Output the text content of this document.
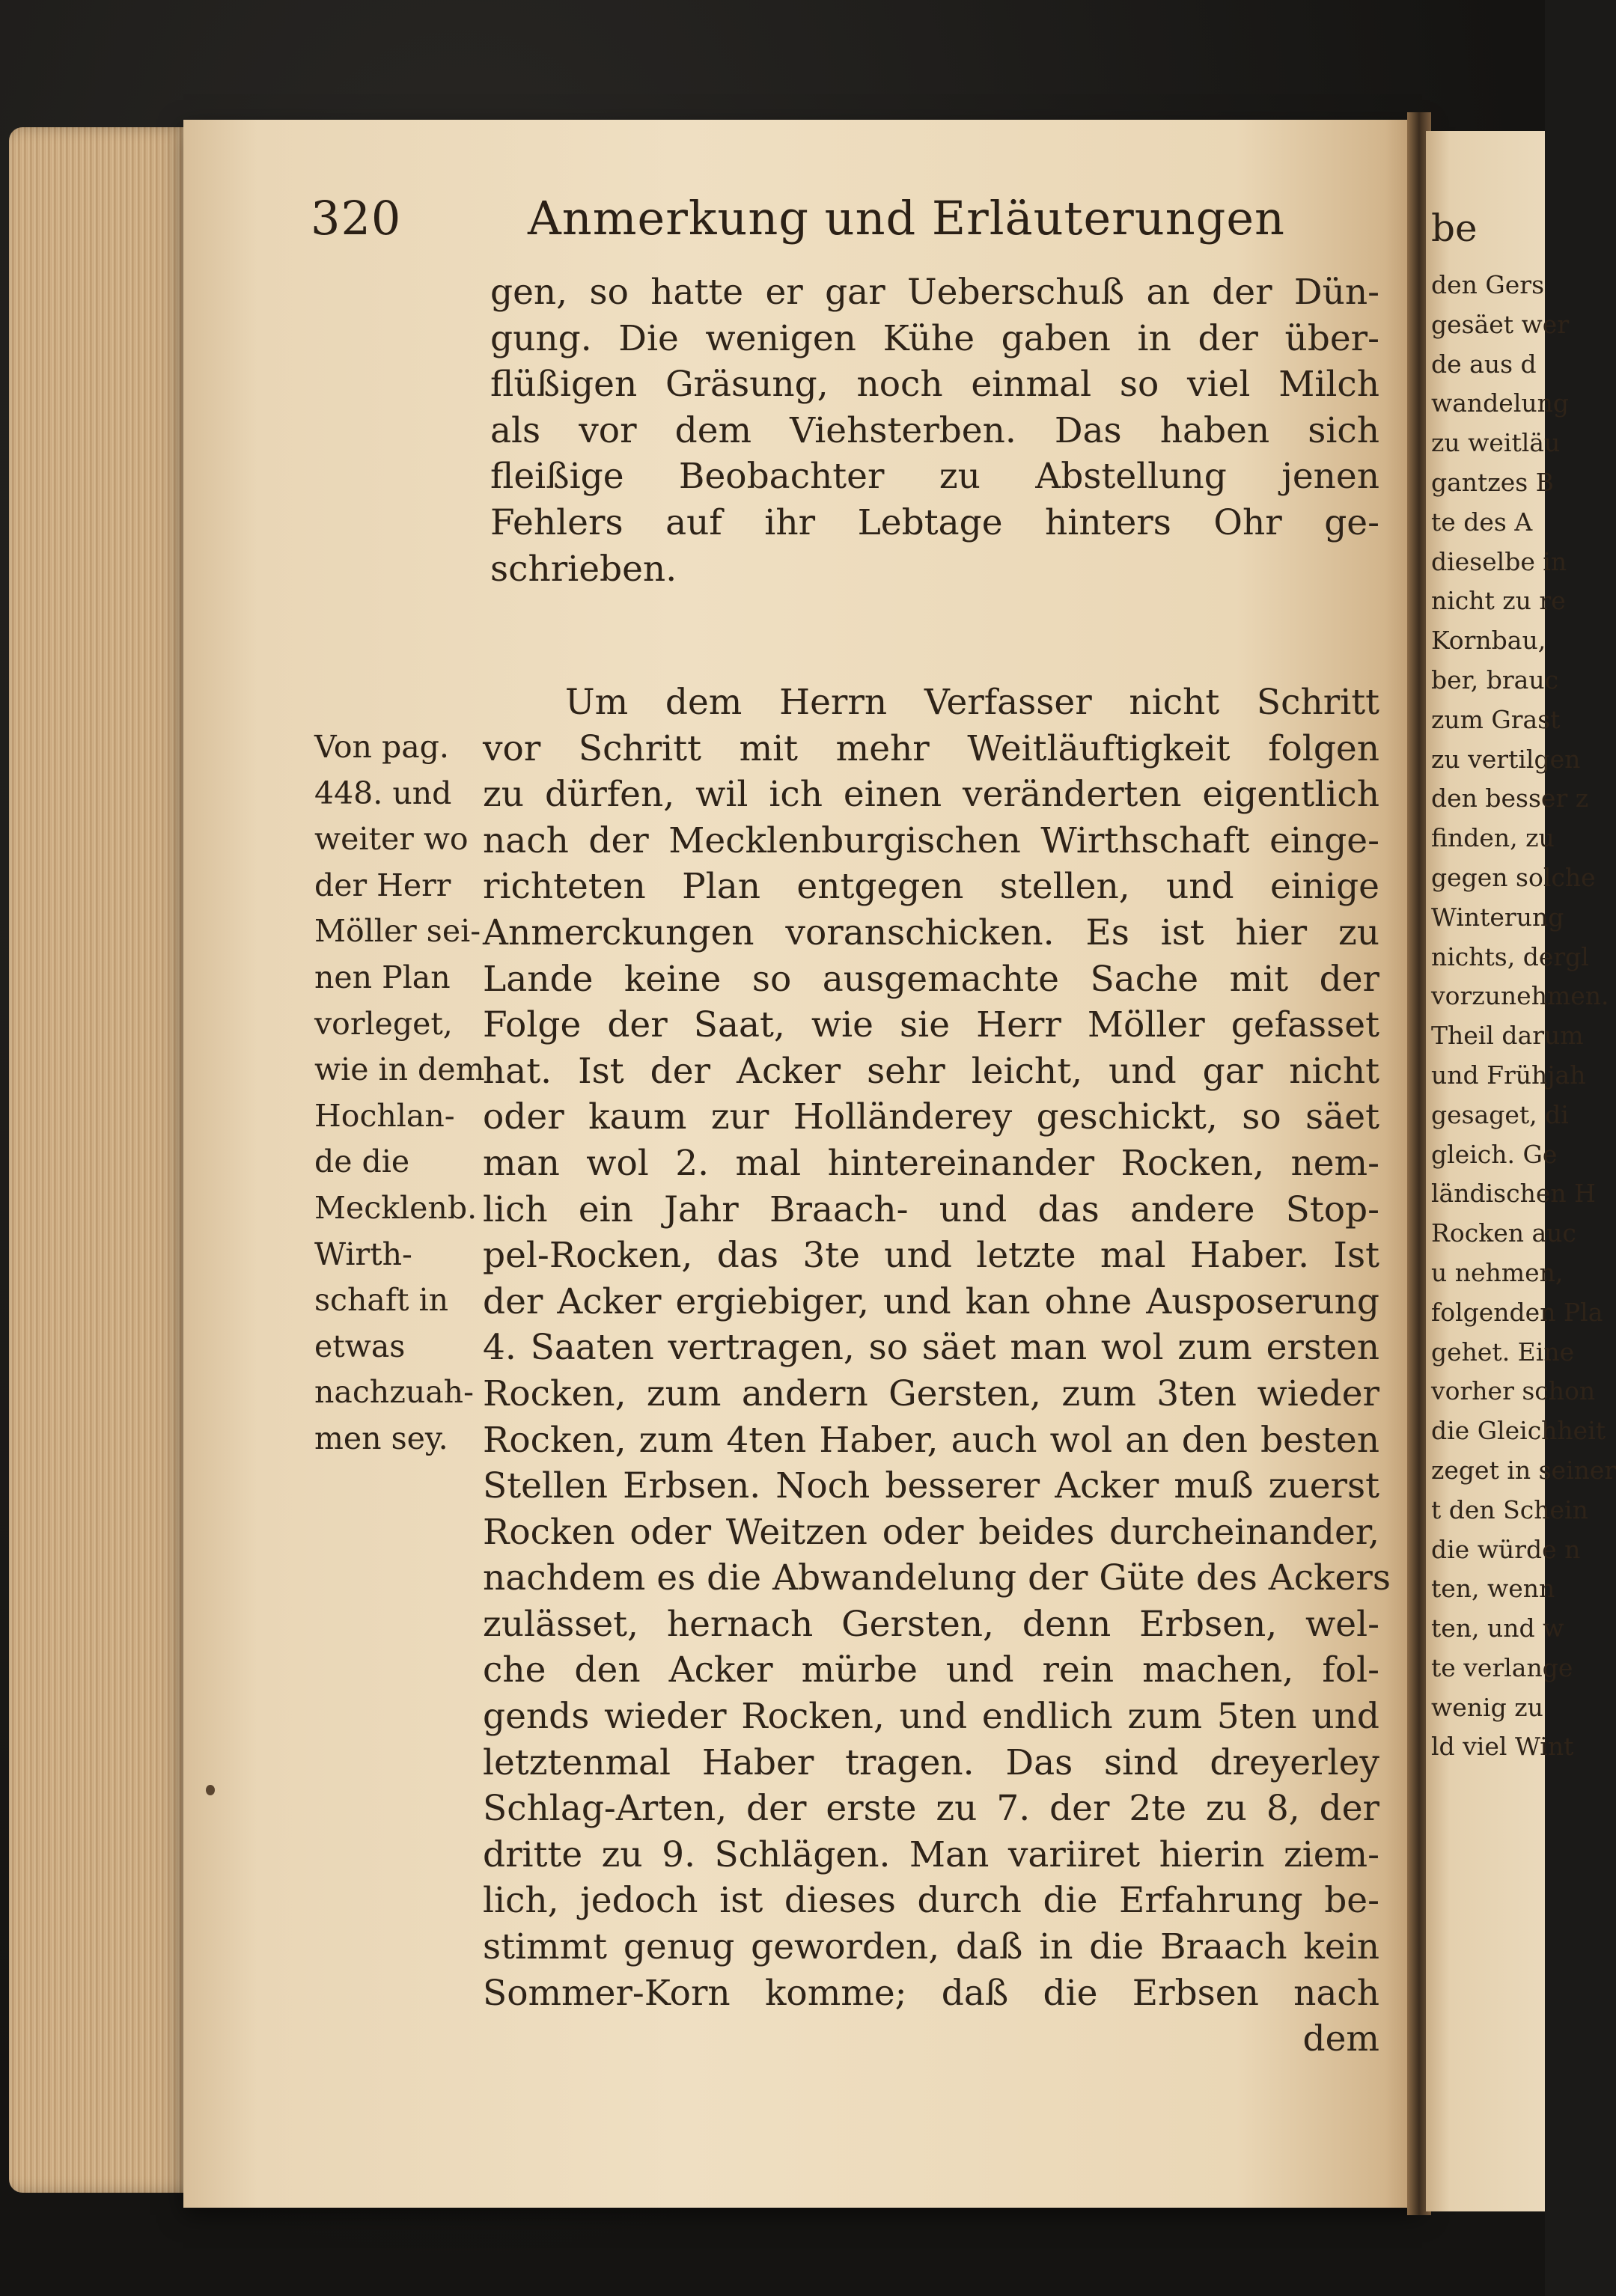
320	Anmerkung und Erläuterungen
gen, so hatte er gar Ueberschuß an der Dün-
gung. Die wenigen Kühe gaben in der über-
flüßigen Gräsung, noch einmal so viel Milch
als vor dem Viehsterben. Das haben sich
fleißige Beobachter zu Abstellung jenen
Fehlers auf ihr Lebtage hinters Ohr ge-
schrieben.
Um dem Herrn Verfasser nicht Schritt
vor Schritt mit mehr Weitläuftigkeit folgen
zu dürfen, wil ich einen veränderten eigentlich
nach der Mecklenburgischen Wirthschaft einge-
richteten Plan entgegen stellen, und einige
Anmerckungen voranschicken. Es ist hier zu
Lande keine so ausgemachte Sache mit der
Folge der Saat, wie sie Herr Möller gefasset
hat. Ist der Acker sehr leicht, und gar nicht
oder kaum zur Holländerey geschickt, so säet
man wol 2. mal hintereinander Rocken, nem-
lich ein Jahr Braach- und das andere Stop-
pel-Rocken, das 3te und letzte mal Haber. Ist
der Acker ergiebiger, und kan ohne Ausposerung
4. Saaten vertragen, so säet man wol zum ersten
Rocken, zum andern Gersten, zum 3ten wieder
Rocken, zum 4ten Haber, auch wol an den besten
Stellen Erbsen. Noch besserer Acker muß zuerst
Rocken oder Weitzen oder beides durcheinander,
nachdem es die Abwandelung der Güte des Ackers
zulässet, hernach Gersten, denn Erbsen, wel-
che den Acker mürbe und rein machen, fol-
gends wieder Rocken, und endlich zum 5ten und
letztenmal Haber tragen. Das sind dreyerley
Schlag-Arten, der erste zu 7. der 2te zu 8, der
dritte zu 9. Schlägen. Man variiret hierin ziem-
lich, jedoch ist dieses durch die Erfahrung be-
stimmt genug geworden, daß in die Braach kein
Sommer-Korn komme; daß die Erbsen nach
dem
Von pag.
448. und
weiter wo
der Herr
Möller sei-
nen Plan
vorleget,
wie in dem
Hochlan-
de die
Mecklenb.
Wirth-
schaft in
etwas
nachzuah-
men sey.
be
den Gers
gesäet wer
de aus d
wandelung
zu weitläu
gantzes B
te des A
dieselbe in
nicht zu re
Kornbau,
ber, brauc
zum Grast
zu vertilgen
den besser z
finden, zu
gegen solche
Winterung
nichts, dergl
vorzunehmen.
Theil darum
und Frühjah
gesaget, di
gleich. Ge
ländischen H
Rocken auc
u nehmen,
folgenden Pla
gehet. Eine
vorher schon
die Gleichheit
zeget in seiner
t den Schein
die würde n
ten, wenn
ten, und w
te verlange
wenig zu
ld viel Wint
